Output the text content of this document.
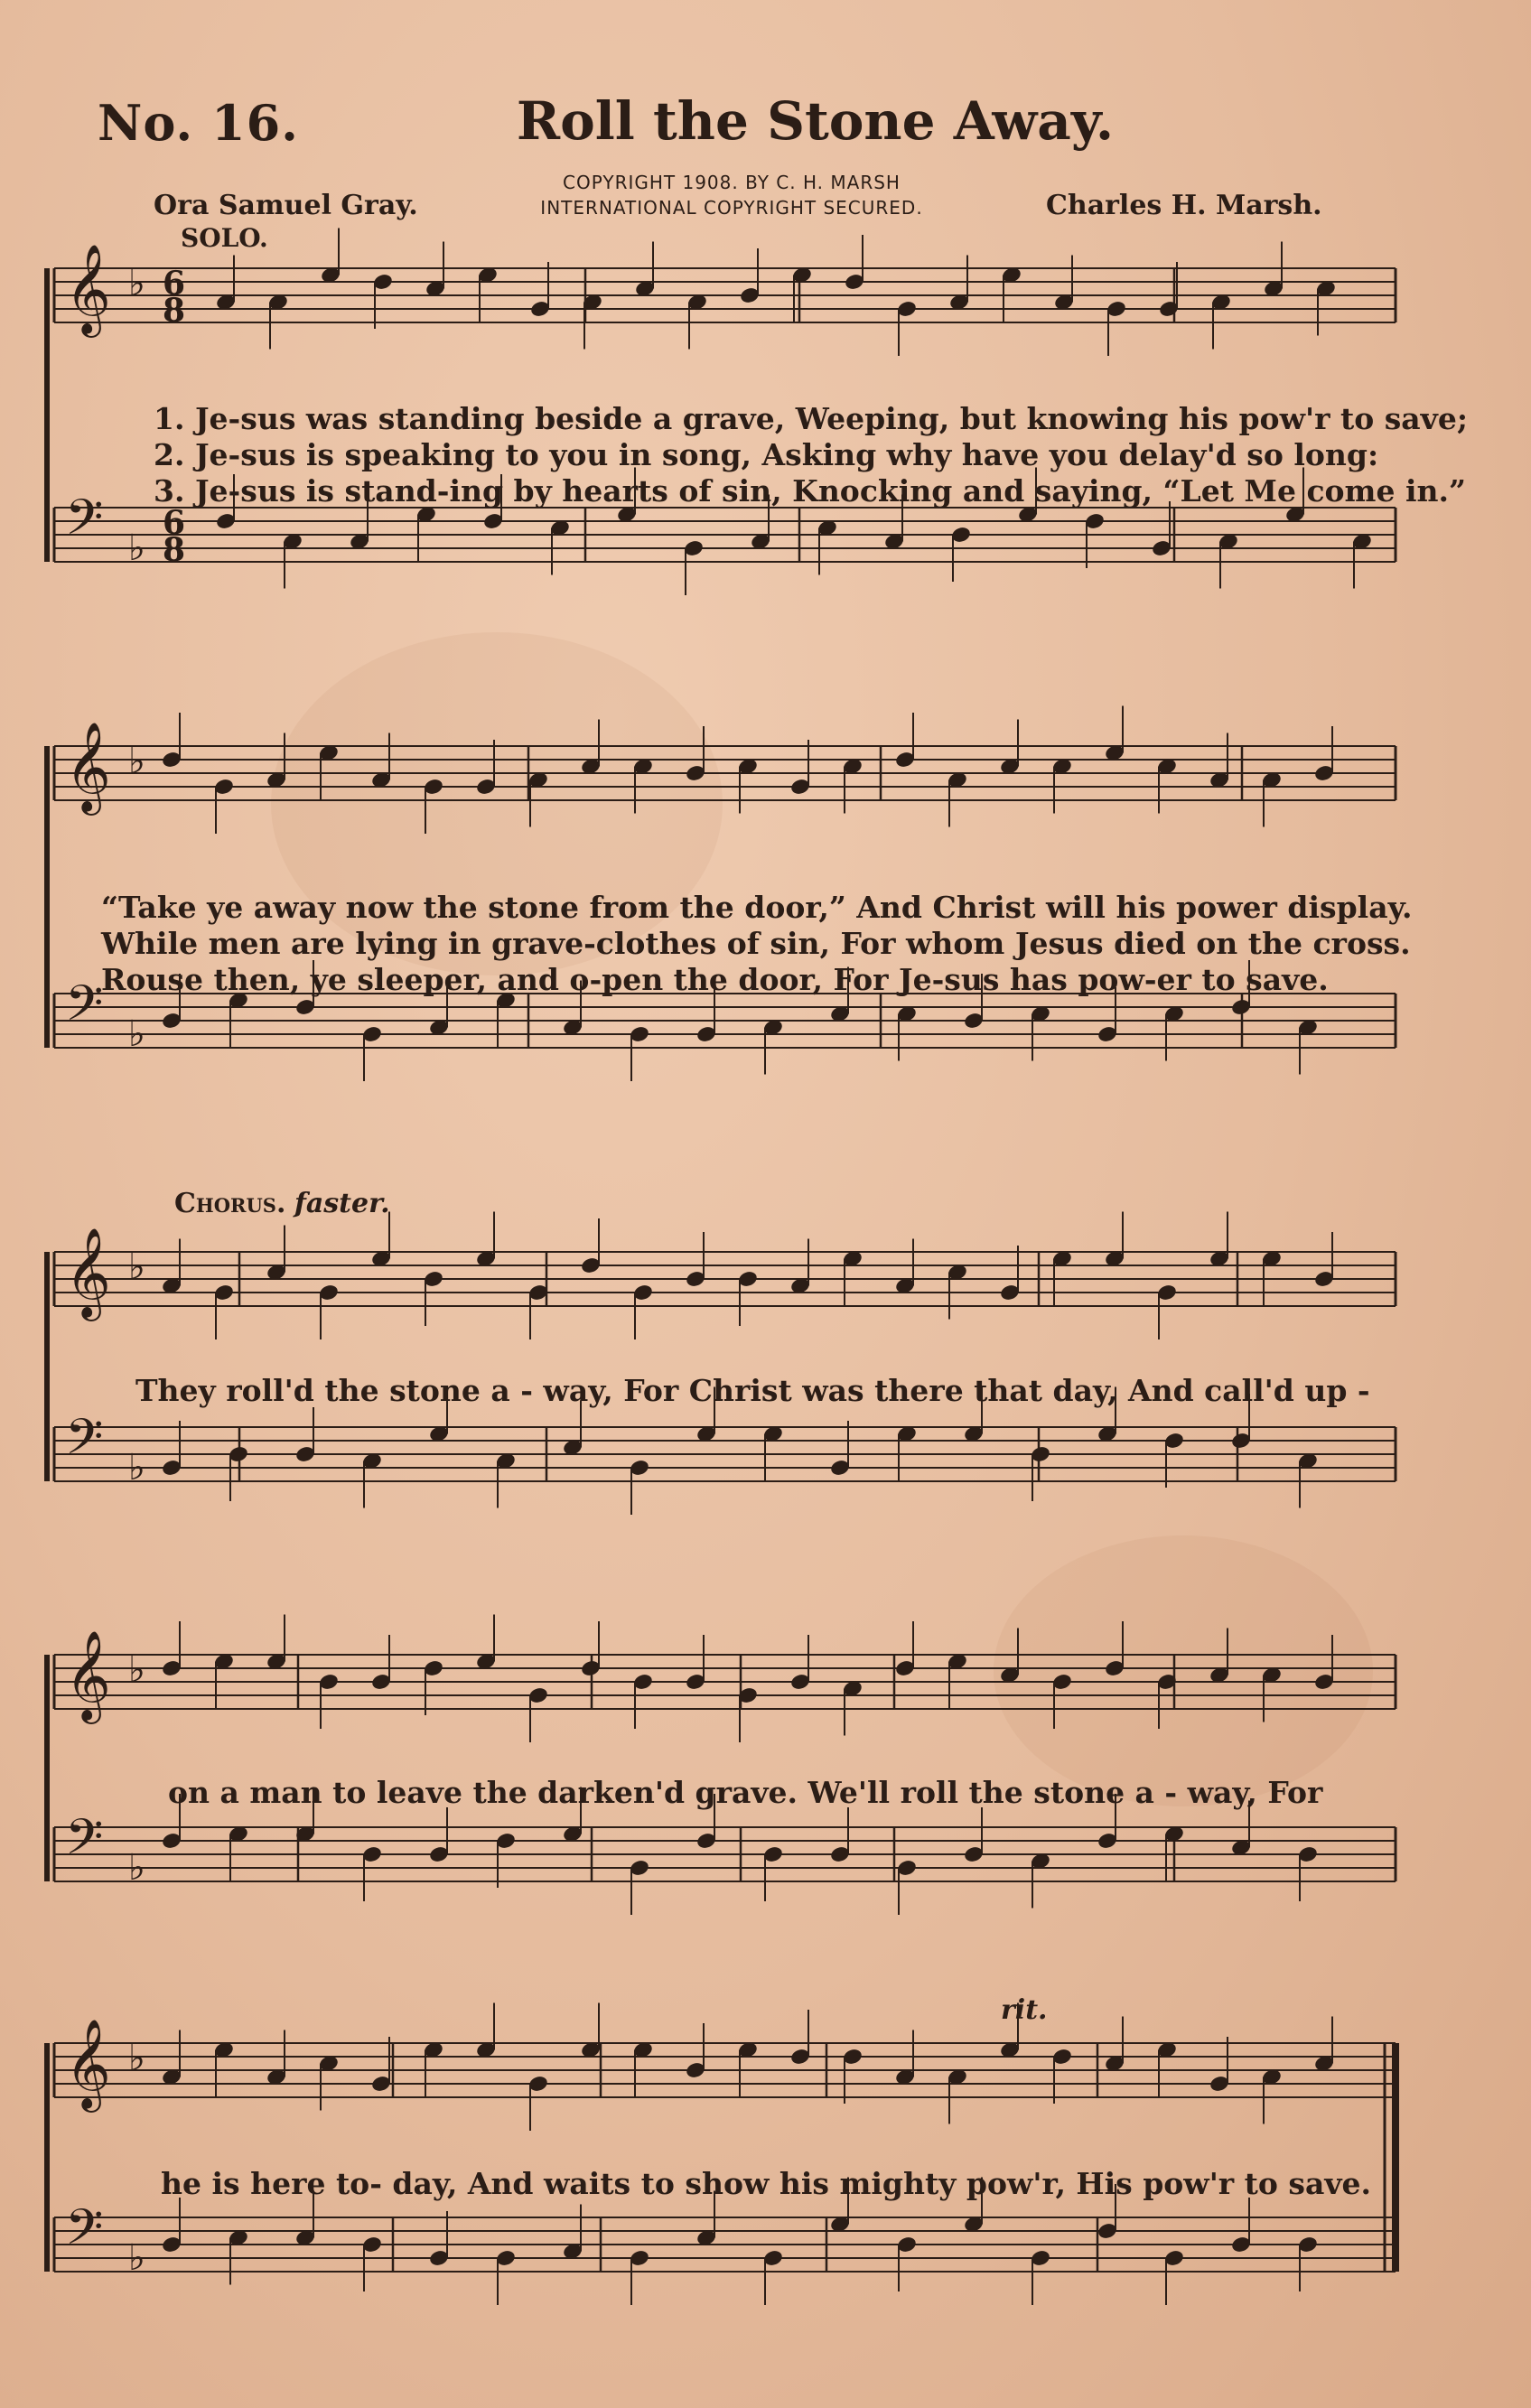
𝄞 ♭ 6
8
𝄢 ♭
6
8
𝄞 ♭
𝄢 ♭
𝄞 ♭
𝄢 ♭
𝄞 ♭
𝄢 ♭
𝄞 ♭
𝄢 ♭
No. 16.	Roll the Stone Away.
Ora Samuel Gray.	Charles H. Marsh.
COPYRIGHT 1908. BY C. H. MARSH
INTERNATIONAL COPYRIGHT SECURED.
SOLO.
1. Je-sus was standing beside a grave, Weeping, but knowing his pow'r to save;
2. Je-sus is speaking to you in song, Asking why have you delay'd so long:
3. Je-sus is stand-ing by hearts of sin, Knocking and saying, “Let Me come in.”
“Take ye away now the stone from the door,” And Christ will his power display.
While men are lying in grave-clothes of sin, For whom Jesus died on the cross.
Rouse then, ye sleeper, and o-pen the door, For Je-sus has pow-er to save.
Chorus. faster.
They roll'd the stone a - way, For Christ was there that day, And call'd up -
on a man to leave the darken'd grave. We'll roll the stone a - way, For
he is here to- day, And waits to show his mighty pow'r, His pow'r to save.
rit.
